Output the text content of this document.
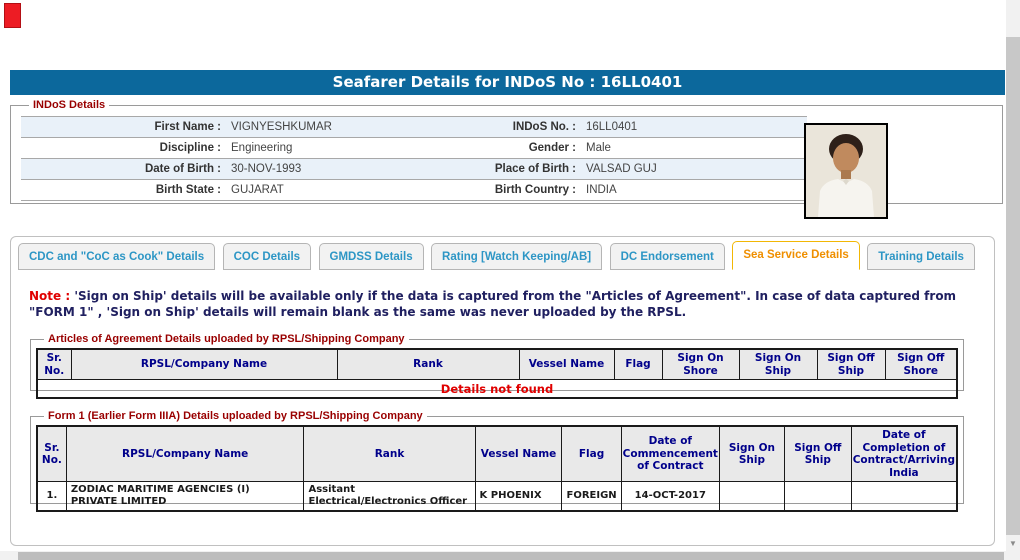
Seafarer Details for INDoS No : 16LL0401
INDoS Details
First Name : VIGNYESHKUMAR	INDoS No. : 16LL0401
Discipline : Engineering	Gender : Male
Date of Birth : 30-NOV-1993	Place of Birth : VALSAD GUJ
Birth State : GUJARAT	Birth Country : INDIA
CDC and "CoC as Cook" Details	COC Details	GMDSS Details	Rating [Watch Keeping/AB]	DC Endorsement	Sea Service Details	Training Details

Note : 'Sign on Ship' details will be available only if the data is captured from the "Articles of Agreement". In case of data captured from "FORM 1" , 'Sign on Ship' details will remain blank as the same was never uploaded by the RPSL.

Articles of Agreement Details uploaded by RPSL/Shipping Company
Sr. No.	RPSL/Company Name	Rank	Vessel Name	Flag	Sign On Shore	Sign On Ship	Sign Off Ship	Sign Off Shore
Details not found
Form 1 (Earlier Form IIIA) Details uploaded by RPSL/Shipping Company
Sr. No.	RPSL/Company Name	Rank	Vessel Name	Flag	Date of Commencement of Contract	Sign On Ship	Sign Off Ship	Date of Completion of Contract/Arriving India
1.	ZODIAC MARITIME AGENCIES (I) PRIVATE LIMITED	Assitant Electrical/Electronics Officer	K PHOENIX	FOREIGN	14-OCT-2017			
▼
